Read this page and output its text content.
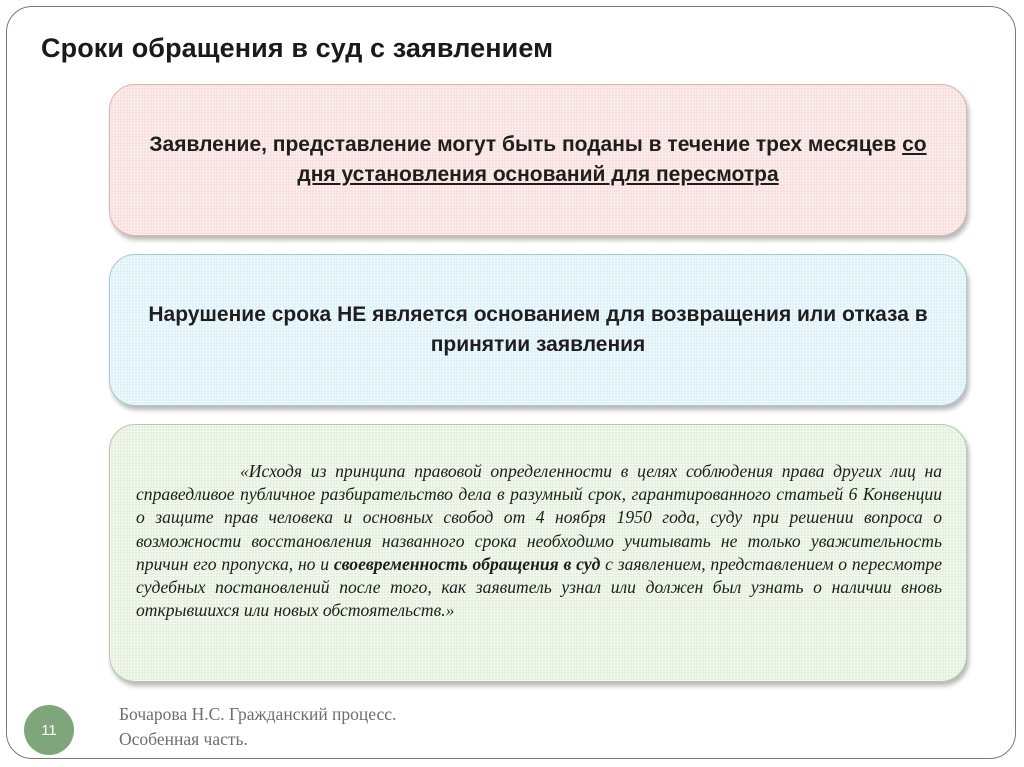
Сроки обращения в суд с заявлением
Заявление, представление могут быть поданы в течение трех месяцев со дня установления оснований для пересмотра
Нарушение срока НЕ является основанием для возвращения или отказа в принятии заявления
«Исходя из принципа правовой определенности в целях соблюдения права других лиц на справедливое публичное разбирательство дела в разумный срок, гарантированного статьей 6 Конвенции о защите прав человека и основных свобод от 4 ноября 1950 года, суду при решении вопроса о возможности восстановления названного срока необходимо учитывать не только уважительность причин его пропуска, но и своевременность обращения в суд с заявлением, представлением о пересмотре судебных постановлений после того, как заявитель узнал или должен был узнать о наличии вновь открывшихся или новых обстоятельств.»
11
Бочарова Н.С. Гражданский процесс.
Особенная часть.
